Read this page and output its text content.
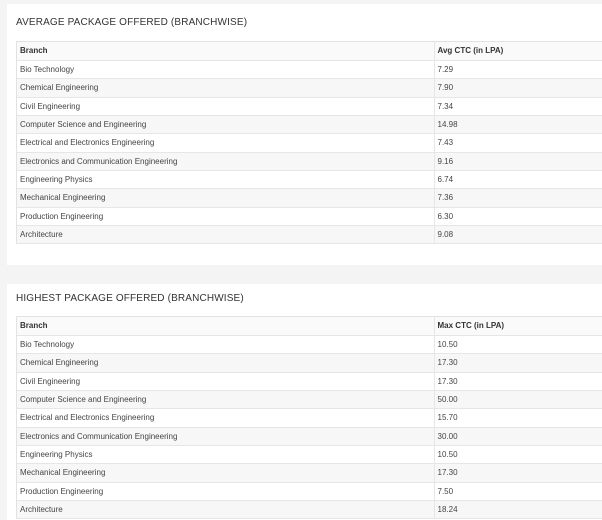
AVERAGE PACKAGE OFFERED (BRANCHWISE)
Branch	Avg CTC (in LPA)
Bio Technology	7.29
Chemical Engineering	7.90
Civil Engineering	7.34
Computer Science and Engineering	14.98
Electrical and Electronics Engineering	7.43
Electronics and Communication Engineering	9.16
Engineering Physics	6.74
Mechanical Engineering	7.36
Production Engineering	6.30
Architecture	9.08
HIGHEST PACKAGE OFFERED (BRANCHWISE)
Branch	Max CTC (in LPA)
Bio Technology	10.50
Chemical Engineering	17.30
Civil Engineering	17.30
Computer Science and Engineering	50.00
Electrical and Electronics Engineering	15.70
Electronics and Communication Engineering	30.00
Engineering Physics	10.50
Mechanical Engineering	17.30
Production Engineering	7.50
Architecture	18.24
